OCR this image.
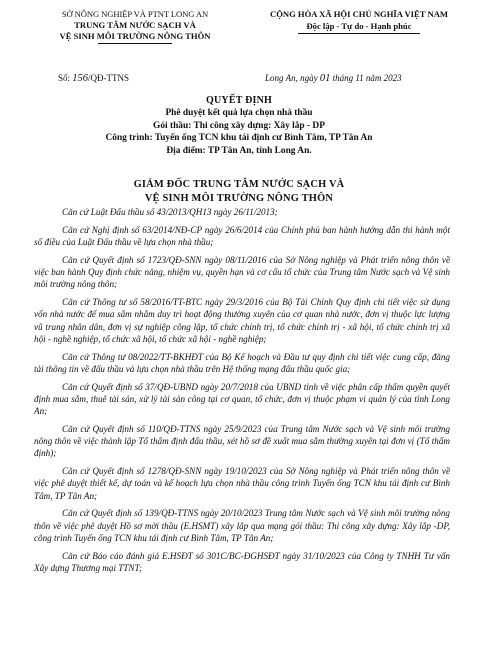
SỞ NÔNG NGHIỆP VÀ PTNT LONG AN
TRUNG TÂM NƯỚC SẠCH VÀ
VỆ SINH MÔI TRƯỜNG NÔNG THÔN
CỘNG HÒA XÃ HỘI CHỦ NGHĨA VIỆT NAM
Độc lập - Tự do - Hạnh phúc
Số: 156/QĐ-TTNS	Long An, ngày 01 tháng 11 năm 2023
QUYẾT ĐỊNH
Phê duyệt kết quả lựa chọn nhà thầu
Gói thầu: Thi công xây dựng: Xây lắp - DP
Công trình: Tuyến ống TCN khu tái định cư Bình Tâm, TP Tân An
Địa điểm: TP Tân An, tỉnh Long An.
GIÁM ĐỐC TRUNG TÂM NƯỚC SẠCH VÀ
VỆ SINH MÔI TRƯỜNG NÔNG THÔN

Căn cứ Luật Đấu thầu số 43/2013/QH13 ngày 26/11/2013;

Căn cứ Nghị định số 63/2014/NĐ-CP ngày 26/6/2014 của Chính phủ ban hành hướng dẫn thi hành một số điều của Luật Đấu thầu về lựa chọn nhà thầu;

Căn cứ Quyết định số 1723/QĐ-SNN ngày 08/11/2016 của Sở Nông nghiệp và Phát triển nông thôn về việc ban hành Quy định chức năng, nhiệm vụ, quyền hạn và cơ cấu tổ chức của Trung tâm Nước sạch và Vệ sinh môi trường nông thôn;

Căn cứ Thông tư số 58/2016/TT-BTC ngày 29/3/2016 của Bộ Tài Chính Quy định chi tiết việc sử dụng vốn nhà nước để mua sắm nhằm duy trì hoạt động thường xuyên của cơ quan nhà nước, đơn vị thuộc lực lượng vũ trang nhân dân, đơn vị sự nghiệp công lập, tổ chức chính trị, tổ chức chính trị - xã hội, tổ chức chính trị xã hội - nghề nghiệp, tổ chức xã hội, tổ chức xã hội - nghề nghiệp;

Căn cứ Thông tư 08/2022/TT-BKHĐT của Bộ Kế hoạch và Đầu tư quy định chi tiết việc cung cấp, đăng tải thông tin về đấu thầu và lựa chọn nhà thầu trên Hệ thống mạng đấu thầu quốc gia;

Căn cứ Quyết định số 37/QĐ-UBND ngày 20/7/2018 của UBND tỉnh về việc phân cấp thẩm quyền quyết định mua sắm, thuê tài sản, xử lý tài sản công tại cơ quan, tổ chức, đơn vị thuộc phạm vi quản lý của tỉnh Long An;

Căn cứ Quyết định số 110/QĐ-TTNS ngày 25/9/2023 của Trung tâm Nước sạch và Vệ sinh môi trường nông thôn về việc thành lập Tổ thẩm định đấu thầu, xét hồ sơ đề xuất mua sắm thường xuyên tại đơn vị (Tổ thẩm định);

Căn cứ Quyết định số 1278/QĐ-SNN ngày 19/10/2023 của Sở Nông nghiệp và Phát triển nông thôn về việc phê duyệt thiết kế, dự toán và kế hoạch lựa chọn nhà thầu công trình Tuyến ống TCN khu tái định cư Bình Tâm, TP Tân An;

Căn cứ Quyết định số 139/QĐ-TTNS ngày 20/10/2023 Trung tâm Nước sạch và Vệ sinh môi trường nông thôn về việc phê duyệt Hồ sơ mời thầu (E.HSMT) xây lắp qua mạng gói thầu: Thi công xây dựng: Xây lắp -DP, công trình Tuyến ống TCN khu tái định cư Bình Tâm, TP Tân An;

Căn cứ Báo cáo đánh giá E.HSĐT số 301C/BC-ĐGHSĐT ngày 31/10/2023 của Công ty TNHH Tư vấn Xây dựng Thương mại TTNT;
